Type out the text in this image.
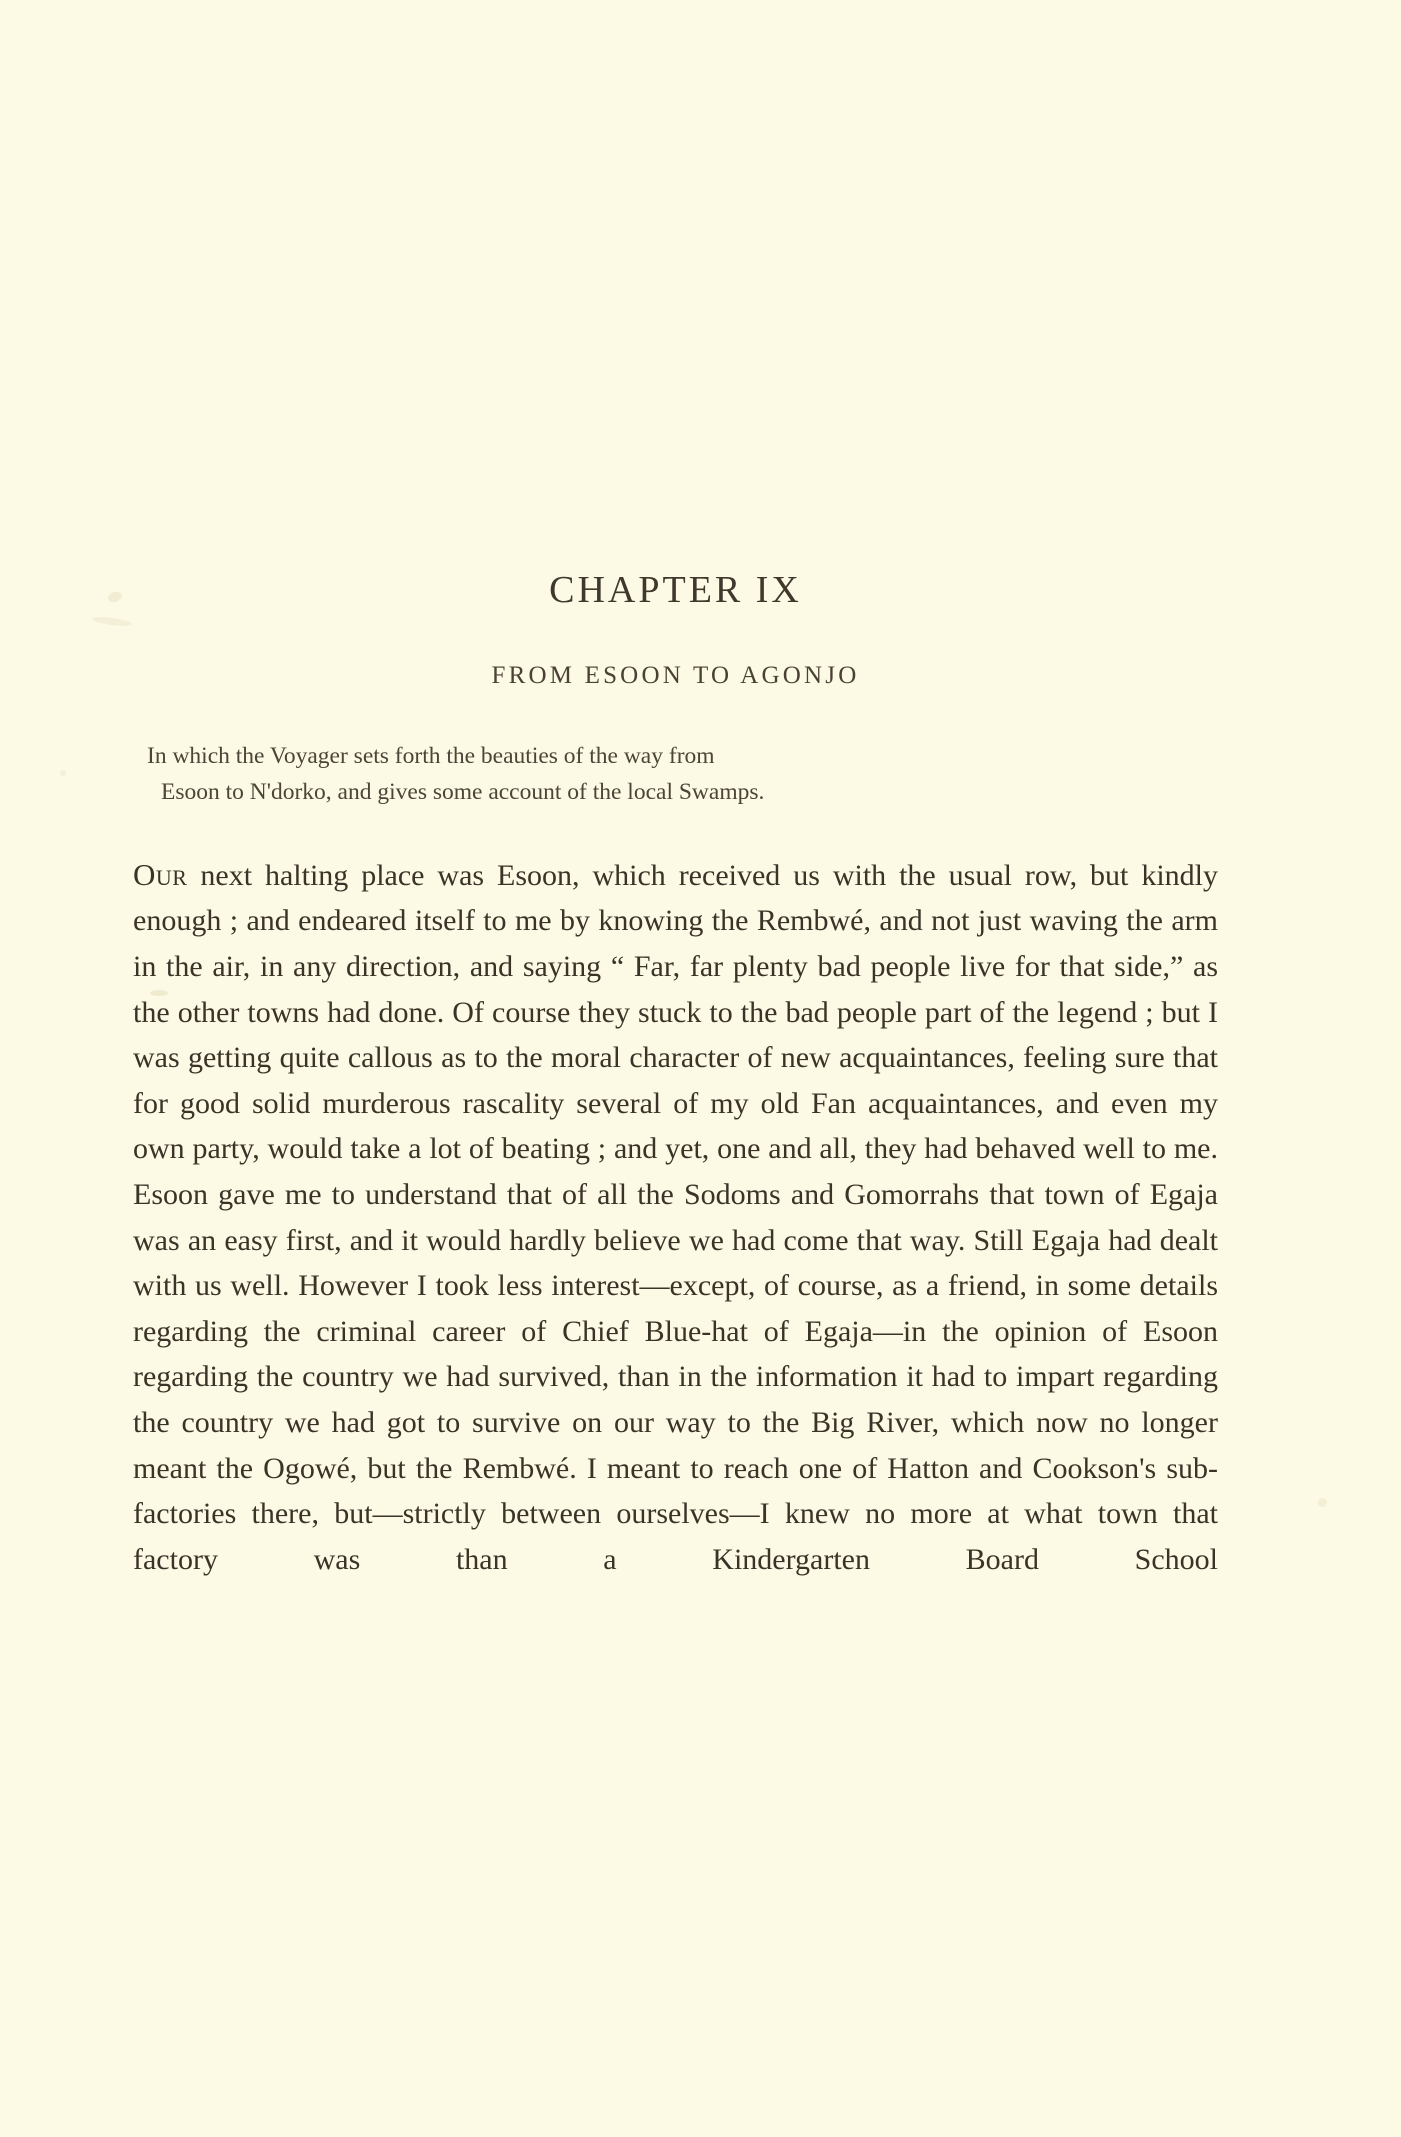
CHAPTER IX
FROM ESOON TO AGONJO
In which the Voyager sets forth the beauties of the way from
Esoon to N'dorko, and gives some account of the local Swamps.

Our next halting place was Esoon, which received us with the usual row, but kindly enough ; and endeared itself to me by knowing the Rembwé, and not just waving the arm in the air, in any direction, and saying “ Far, far plenty bad people live for that side,” as the other towns had done. Of course they stuck to the bad people part of the legend ; but I was getting quite callous as to the moral character of new acquaintances, feeling sure that for good solid murderous rascality several of my old Fan acquaintances, and even my own party, would take a lot of beating ; and yet, one and all, they had behaved well to me. Esoon gave me to understand that of all the Sodoms and Gomorrahs that town of Egaja was an easy first, and it would hardly believe we had come that way. Still Egaja had dealt with us well. However I took less interest—except, of course, as a friend, in some details regarding the criminal career of Chief Blue-hat of Egaja—in the opinion of Esoon regarding the country we had survived, than in the information it had to impart regarding the country we had got to survive on our way to the Big River, which now no longer meant the Ogowé, but the Rembwé. I meant to reach one of Hatton and Cookson's sub-factories there, but—strictly between ourselves—I knew no more at what town that factory was than a Kindergarten Board School
